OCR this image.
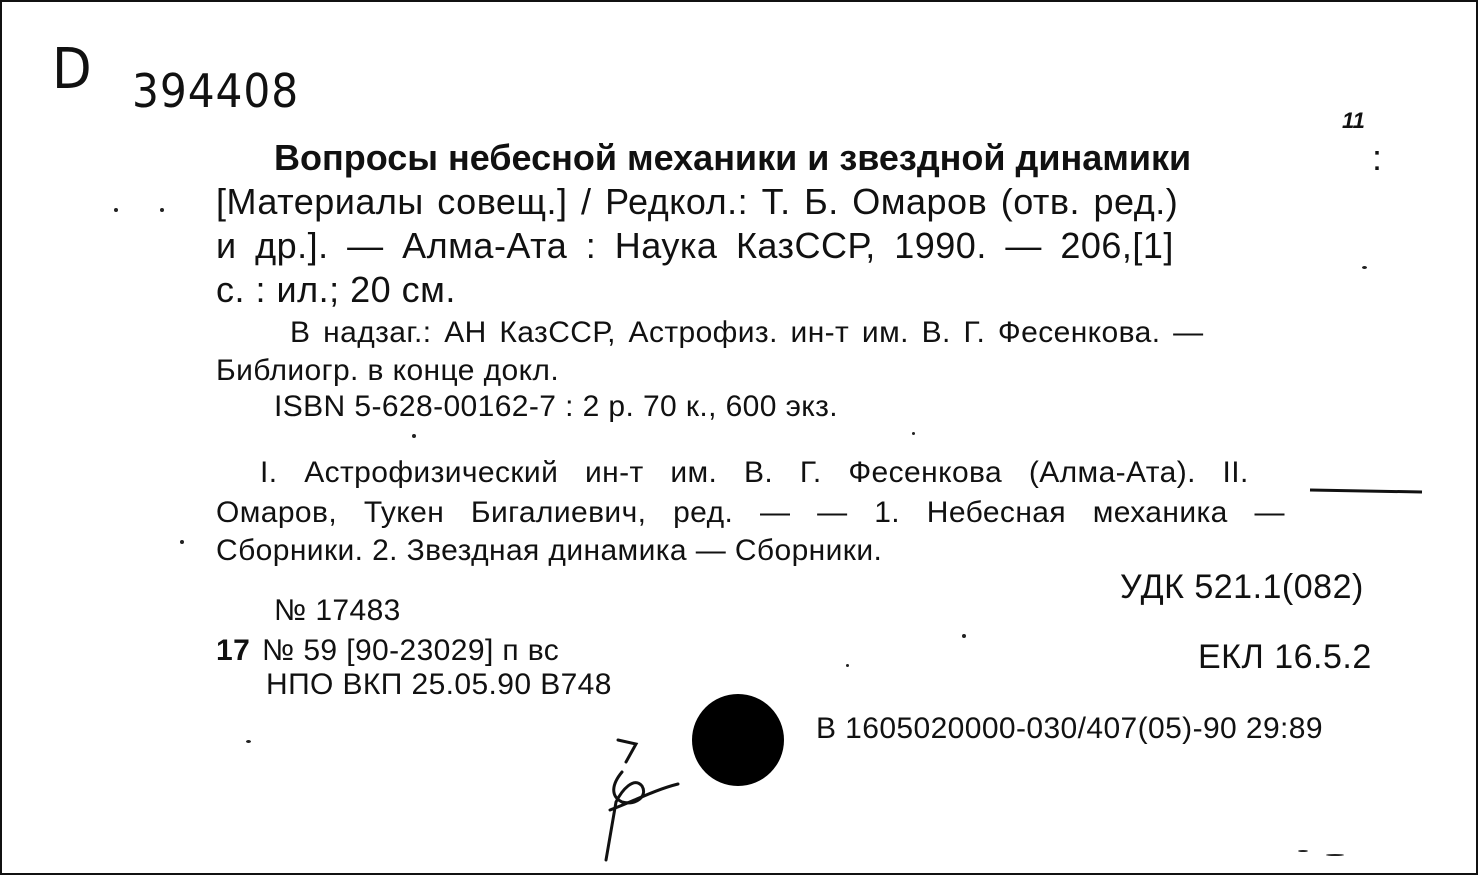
D 394408
11
Вопросы небесной механики и звездной динамики	:
[Материалы совещ.] / Редкол.: Т. Б. Омаров (отв. ред.)
и др.]. — Алма-Ата : Наука КазССР, 1990. — 206,[1]
с. : ил.; 20 см.
В надзаг.: АН КазССР, Астрофиз. ин-т им. В. Г. Фесенкова. —
Библиогр. в конце докл.
ISBN 5-628-00162-7 : 2 р. 70 к., 600 экз.
I. Астрофизический ин-т им. В. Г. Фесенкова (Алма-Ата). II.
Омаров, Тукен Бигалиевич, ред. — — 1. Небесная механика —
Сборники. 2. Звездная динамика — Сборники.
УДК 521.1(082)
№ 17483
17 № 59 [90-23029] п вс
НПО ВКП 25.05.90 В748
ЕКЛ 16.5.2
В 1605020000-030/407(05)-90 29:89
